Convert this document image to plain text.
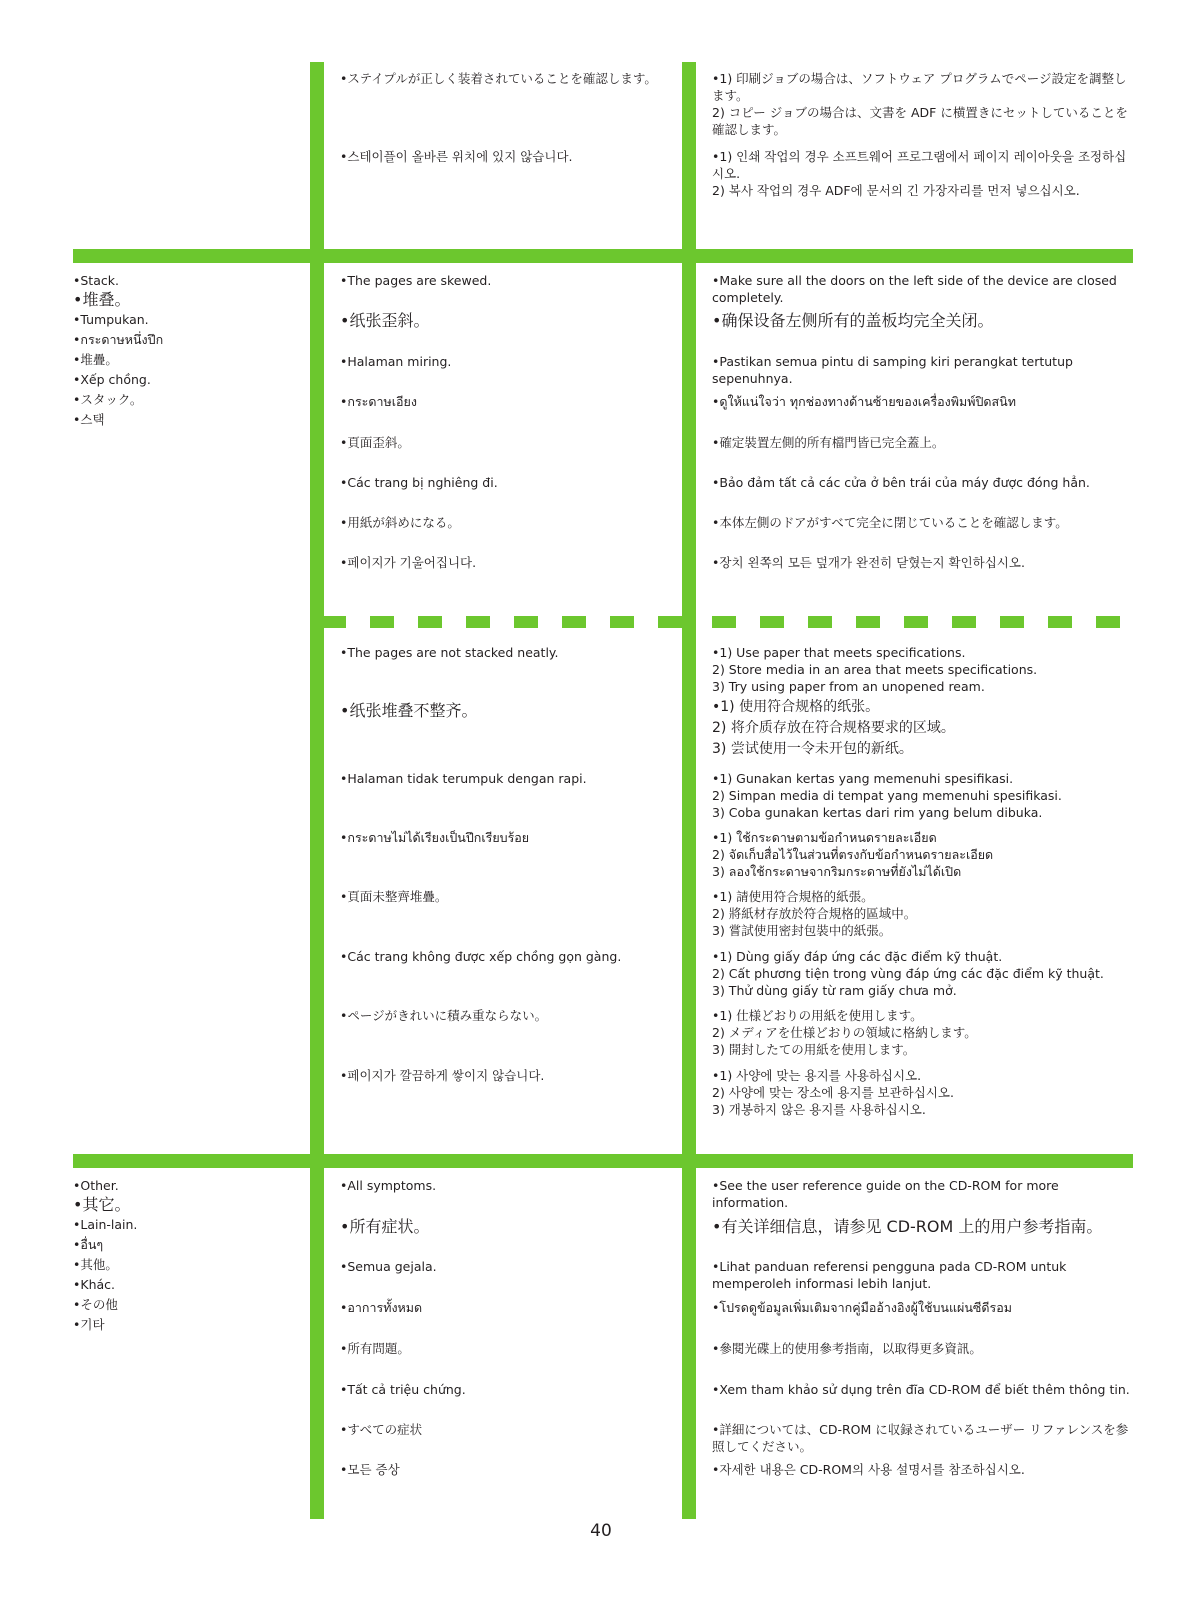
•ステイプルが正しく装着されていることを確認します。
•스테이플이 올바른 위치에 있지 않습니다.
•1) 印刷ジョブの場合は、ソフトウェア プログラムでページ設定を調整します。
2) コピー ジョブの場合は、文書を ADF に横置きにセットしていることを確認します。
•1) 인쇄 작업의 경우 소프트웨어 프로그램에서 페이지 레이아웃을 조정하십시오.
2) 복사 작업의 경우 ADF에 문서의 긴 가장자리를 먼저 넣으십시오.
•Stack.
•堆叠。
•Tumpukan.
•กระดาษหนึ่งปึก
•堆疊。
•Xếp chồng.
•スタック。
•스택
•The pages are skewed.
•纸张歪斜。
•Halaman miring.
•กระดาษเอียง
•頁面歪斜。
•Các trang bị nghiêng đi.
•用紙が斜めになる。
•페이지가 기울어집니다.
•Make sure all the doors on the left side of the device are closed completely.
•确保设备左侧所有的盖板均完全关闭。
•Pastikan semua pintu di samping kiri perangkat tertutup sepenuhnya.
•ดูให้แน่ใจว่า ทุกช่องทางด้านซ้ายของเครื่องพิมพ์ปิดสนิท
•確定裝置左側的所有檔門皆已完全蓋上。
•Bảo đảm tất cả các cửa ở bên trái của máy được đóng hẳn.
•本体左側のドアがすべて完全に閉じていることを確認します。
•장치 왼쪽의 모든 덮개가 완전히 닫혔는지 확인하십시오.
•The pages are not stacked neatly.
•纸张堆叠不整齐。
•Halaman tidak terumpuk dengan rapi.
•กระดาษไม่ได้เรียงเป็นปึกเรียบร้อย
•頁面未整齊堆疊。
•Các trang không được xếp chồng gọn gàng.
•ページがきれいに積み重ならない。
•페이지가 깔끔하게 쌓이지 않습니다.
•1) Use paper that meets specifications.
2) Store media in an area that meets specifications.
3) Try using paper from an unopened ream.
•1) 使用符合规格的纸张。
2) 将介质存放在符合规格要求的区域。
3) 尝试使用一令未开包的新纸。
•1) Gunakan kertas yang memenuhi spesifikasi.
2) Simpan media di tempat yang memenuhi spesifikasi.
3) Coba gunakan kertas dari rim yang belum dibuka.
•1) ใช้กระดาษตามข้อกำหนดรายละเอียด
2) จัดเก็บสื่อไว้ในส่วนที่ตรงกับข้อกำหนดรายละเอียด
3) ลองใช้กระดาษจากริมกระดาษที่ยังไม่ได้เปิด
•1) 請使用符合規格的紙張。
2) 將紙材存放於符合規格的區域中。
3) 嘗試使用密封包裝中的紙張。
•1) Dùng giấy đáp ứng các đặc điểm kỹ thuật.
2) Cất phương tiện trong vùng đáp ứng các đặc điểm kỹ thuật.
3) Thử dùng giấy từ ram giấy chưa mở.
•1) 仕様どおりの用紙を使用します。
2) メディアを仕様どおりの領域に格納します。
3) 開封したての用紙を使用します。
•1) 사양에 맞는 용지를 사용하십시오.
2) 사양에 맞는 장소에 용지를 보관하십시오.
3) 개봉하지 않은 용지를 사용하십시오.
•Other.
•其它。
•Lain-lain.
•อื่นๆ
•其他。
•Khác.
•その他
•기타
•All symptoms.
•所有症状。
•Semua gejala.
•อาการทั้งหมด
•所有問題。
•Tất cả triệu chứng.
•すべての症状
•모든 증상
•See the user reference guide on the CD-ROM for more information.
•有关详细信息，请参见 CD-ROM 上的用户参考指南。
•Lihat panduan referensi pengguna pada CD-ROM untuk memperoleh informasi lebih lanjut.
•โปรดดูข้อมูลเพิ่มเติมจากคู่มืออ้างอิงผู้ใช้บนแผ่นซีดีรอม
•參閱光碟上的使用參考指南，以取得更多資訊。
•Xem tham khảo sử dụng trên đĩa CD-ROM để biết thêm thông tin.
•詳細については、CD-ROM に収録されているユーザー リファレンスを参照してください。
•자세한 내용은 CD-ROM의 사용 설명서를 참조하십시오.
40
